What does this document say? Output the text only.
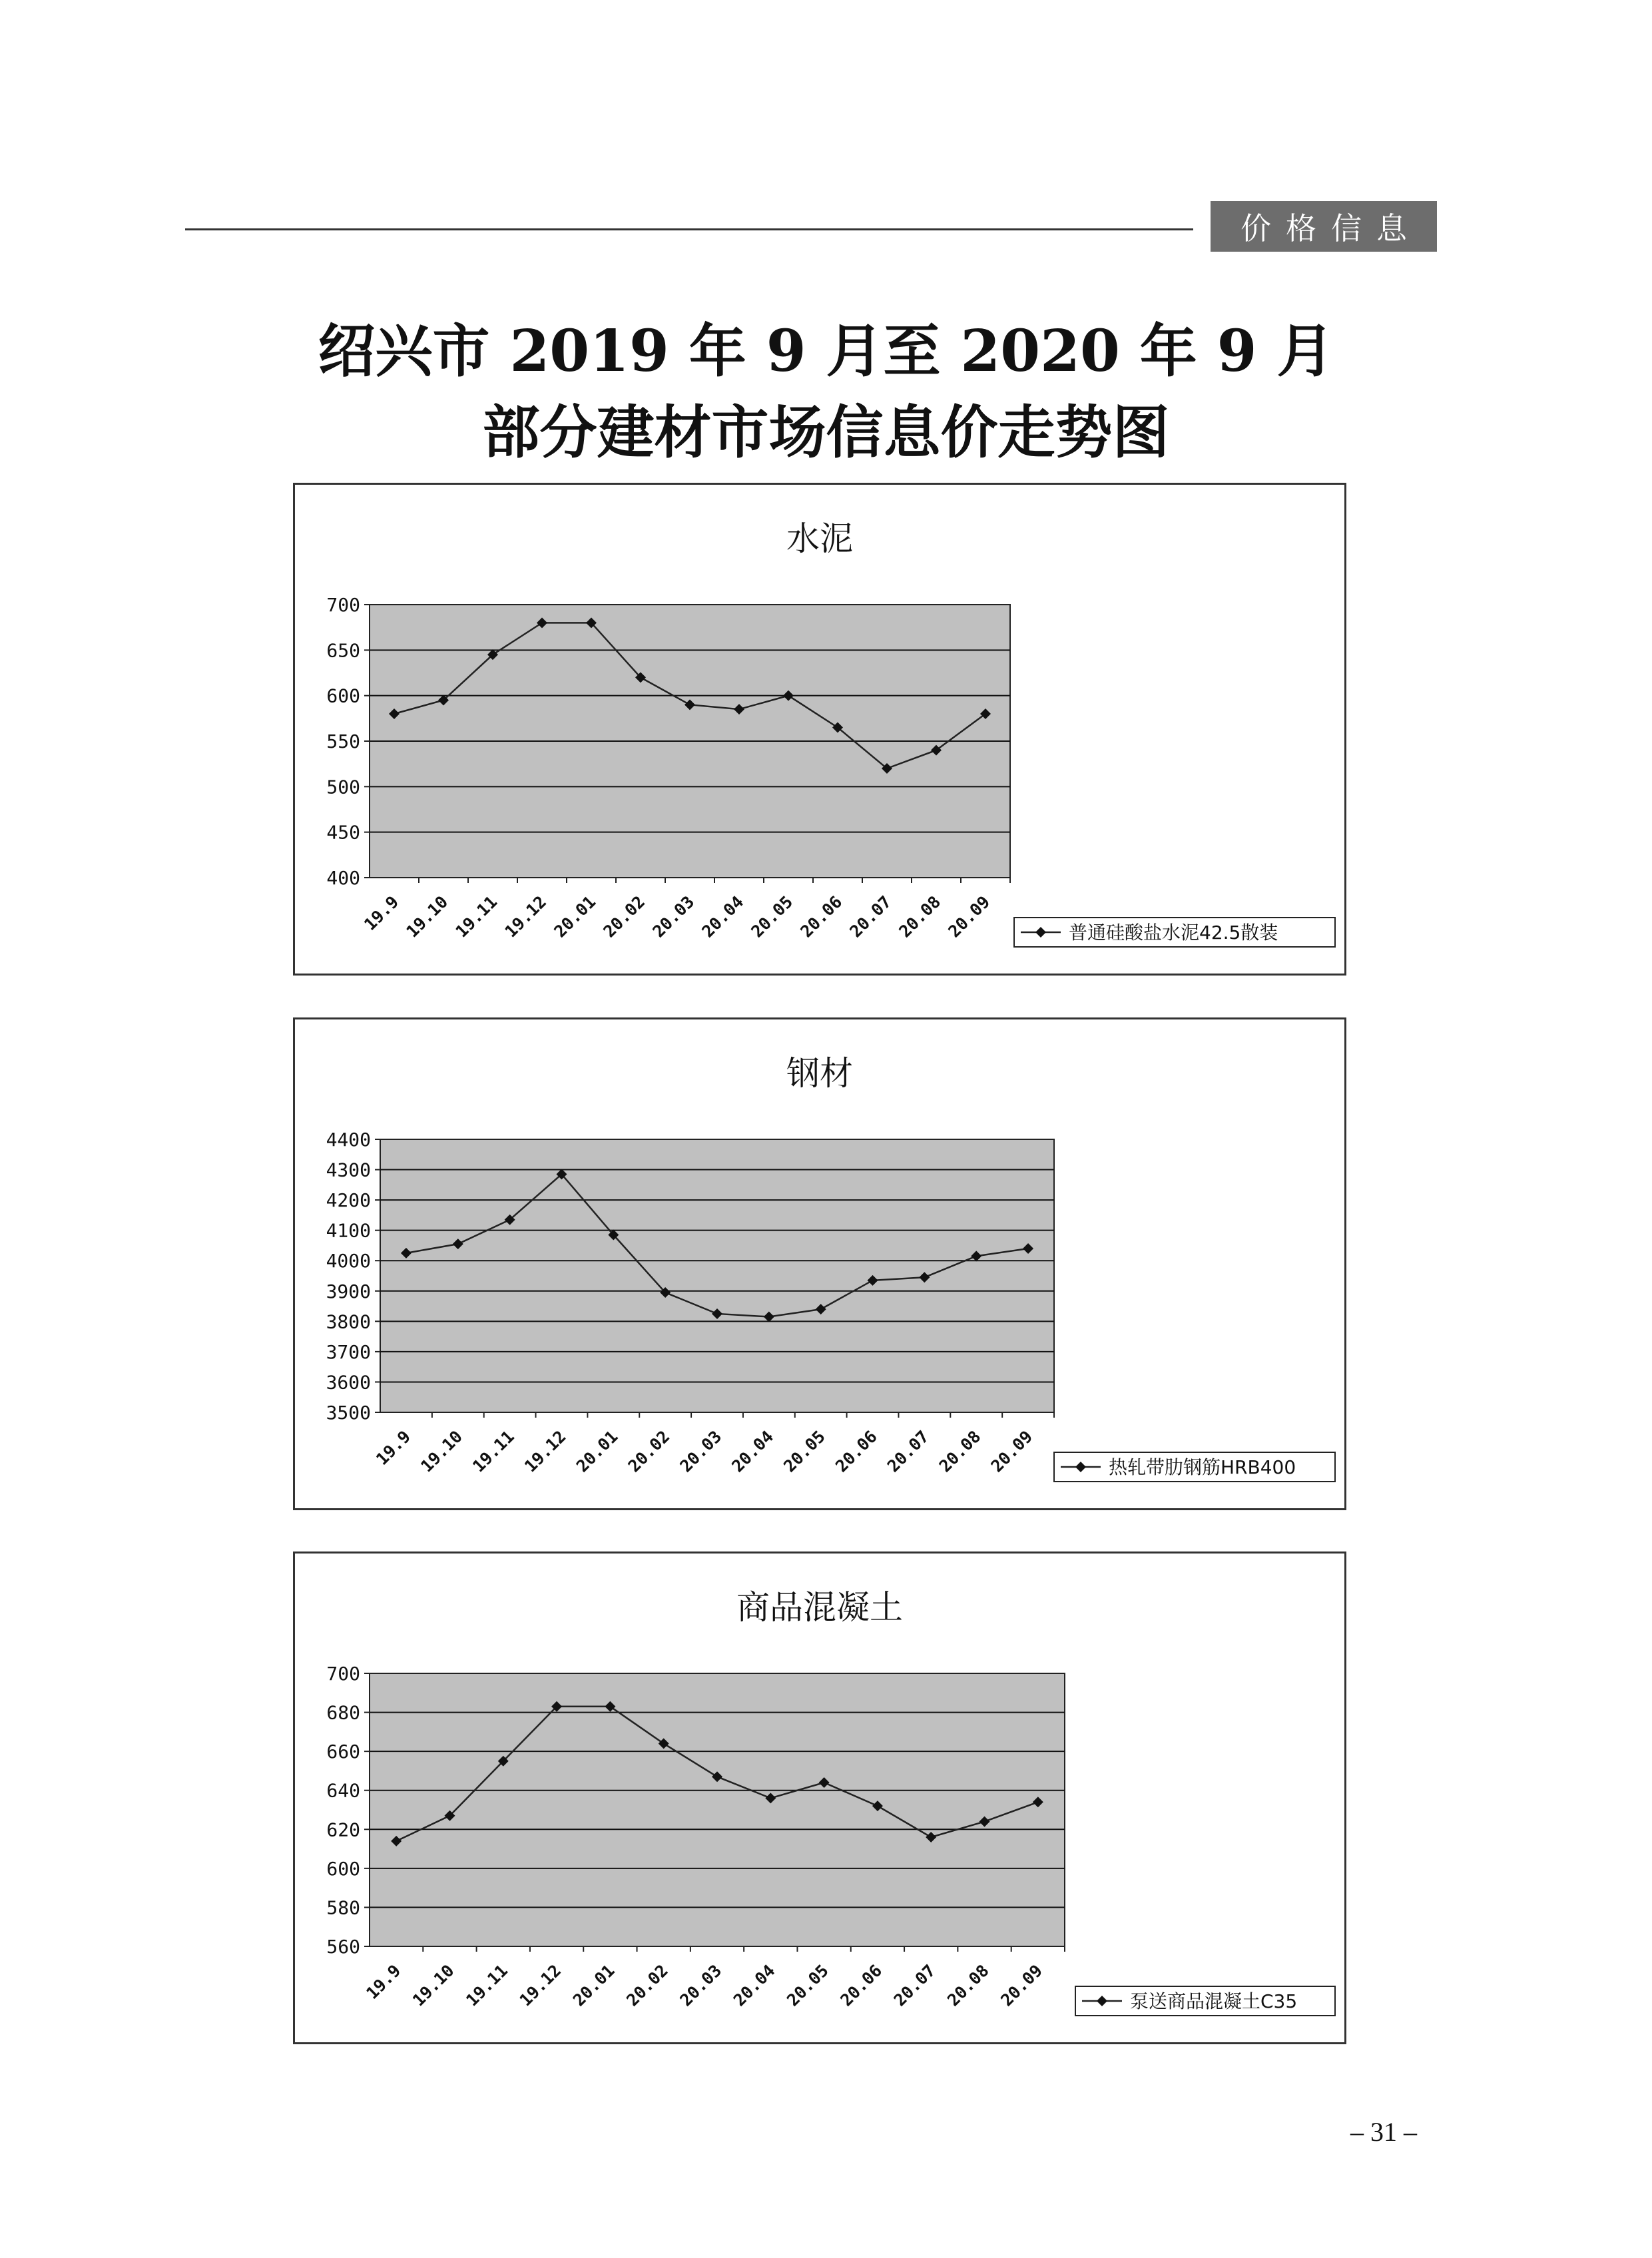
价格信息
绍兴市 2019 年 9 月至 2020 年 9 月
部分建材市场信息价走势图
水泥
400
450
500
550
600
650
700
19.9 19.10 19.11 19.12 20.01 20.02 20.03 20.04 20.05 20.06 20.07 20.08 20.09	普通硅酸盐水泥42.5散装
钢材
3500
3600
3700
3800
3900
4000
4100
4200
4300
4400
19.9 19.10 19.11 19.12 20.01 20.02 20.03 20.04 20.05 20.06 20.07 20.08 20.09	热轧带肋钢筋HRB400
商品混凝土
560
580
600
620
640
660
680
700
19.9 19.10 19.11 19.12 20.01 20.02 20.03 20.04 20.05 20.06 20.07 20.08 20.09	泵送商品混凝土C35
– 31 –
